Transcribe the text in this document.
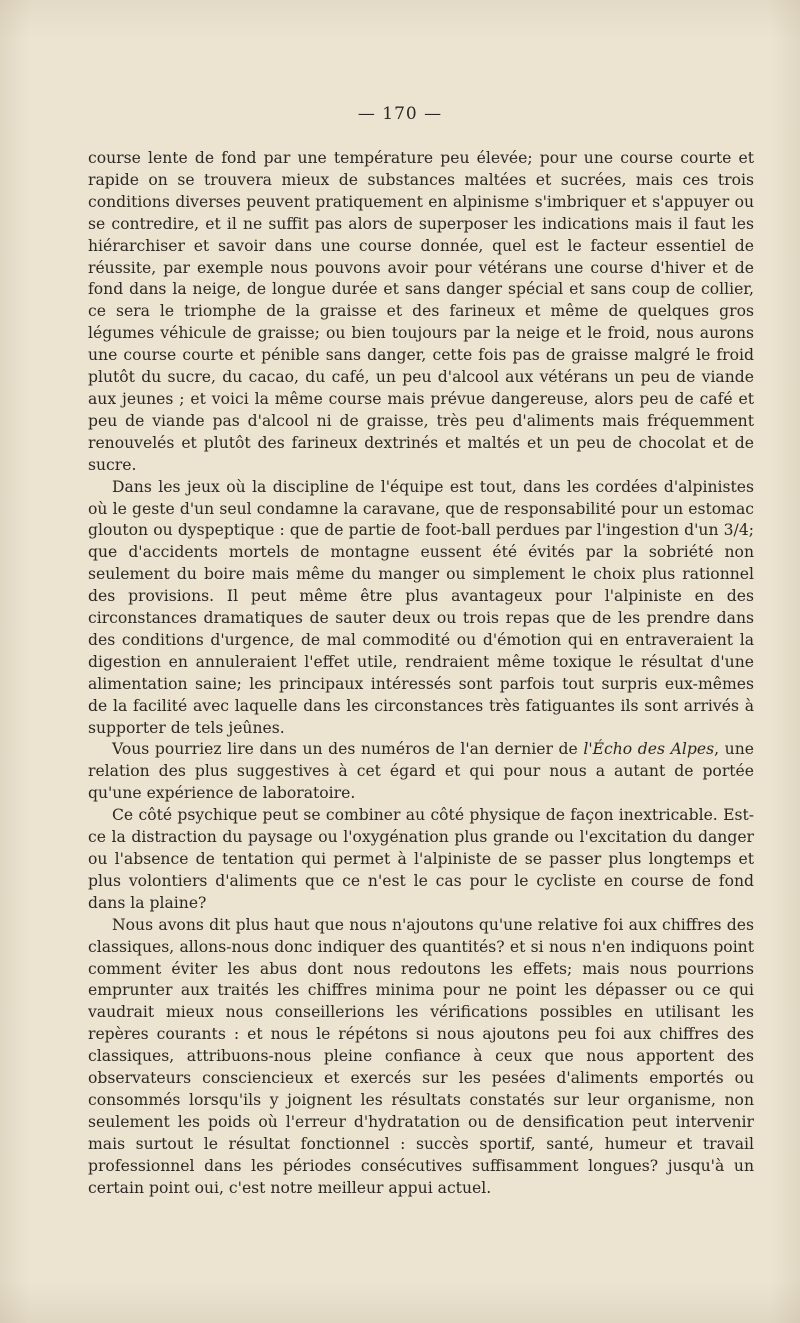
— 170 —

course lente de fond par une température peu élevée; pour une course courte et rapide on se trouvera mieux de substances maltées et sucrées, mais ces trois conditions diverses peuvent pratiquement en alpinisme s'imbriquer et s'appuyer ou se contredire, et il ne suffit pas alors de superposer les indications mais il faut les hiérarchiser et savoir dans une course donnée, quel est le facteur essentiel de réussite, par exemple nous pouvons avoir pour vétérans une course d'hiver et de fond dans la neige, de longue durée et sans danger spécial et sans coup de collier, ce sera le triomphe de la graisse et des farineux et même de quelques gros légumes véhicule de graisse; ou bien toujours par la neige et le froid, nous aurons une course courte et pénible sans danger, cette fois pas de graisse malgré le froid plutôt du sucre, du cacao, du café, un peu d'alcool aux vétérans un peu de viande aux jeunes ; et voici la même course mais prévue dangereuse, alors peu de café et peu de viande pas d'alcool ni de graisse, très peu d'aliments mais fréquemment renouvelés et plutôt des farineux dextrinés et maltés et un peu de chocolat et de sucre.

Dans les jeux où la discipline de l'équipe est tout, dans les cordées d'alpinistes où le geste d'un seul condamne la caravane, que de responsabilité pour un estomac glouton ou dyspeptique : que de partie de foot-ball perdues par l'ingestion d'un 3/4; que d'accidents mortels de montagne eussent été évités par la sobriété non seulement du boire mais même du manger ou simplement le choix plus rationnel des provisions. Il peut même être plus avantageux pour l'alpiniste en des circonstances dramatiques de sauter deux ou trois repas que de les prendre dans des conditions d'urgence, de mal commodité ou d'émotion qui en entraveraient la digestion en annuleraient l'effet utile, rendraient même toxique le résultat d'une alimentation saine; les principaux intéressés sont parfois tout surpris eux-mêmes de la facilité avec laquelle dans les circonstances très fatiguantes ils sont arrivés à supporter de tels jeûnes.

Vous pourriez lire dans un des numéros de l'an dernier de l'Écho des Alpes, une relation des plus suggestives à cet égard et qui pour nous a autant de portée qu'une expérience de laboratoire.

Ce côté psychique peut se combiner au côté physique de façon inextricable. Est-ce la distraction du paysage ou l'oxygénation plus grande ou l'excitation du danger ou l'absence de tentation qui permet à l'alpiniste de se passer plus longtemps et plus volontiers d'aliments que ce n'est le cas pour le cycliste en course de fond dans la plaine?

Nous avons dit plus haut que nous n'ajoutons qu'une relative foi aux chiffres des classiques, allons-nous donc indiquer des quantités? et si nous n'en indiquons point comment éviter les abus dont nous redoutons les effets; mais nous pourrions emprunter aux traités les chiffres minima pour ne point les dépasser ou ce qui vaudrait mieux nous conseillerions les vérifications possibles en utilisant les repères courants : et nous le répétons si nous ajoutons peu foi aux chiffres des classiques, attribuons-nous pleine confiance à ceux que nous apportent des observateurs consciencieux et exercés sur les pesées d'aliments emportés ou consommés lorsqu'ils y joignent les résultats constatés sur leur organisme, non seulement les poids où l'erreur d'hydratation ou de densification peut intervenir mais surtout le résultat fonctionnel : succès sportif, santé, humeur et travail professionnel dans les périodes consécutives suffisamment longues? jusqu'à un certain point oui, c'est notre meilleur appui actuel.
